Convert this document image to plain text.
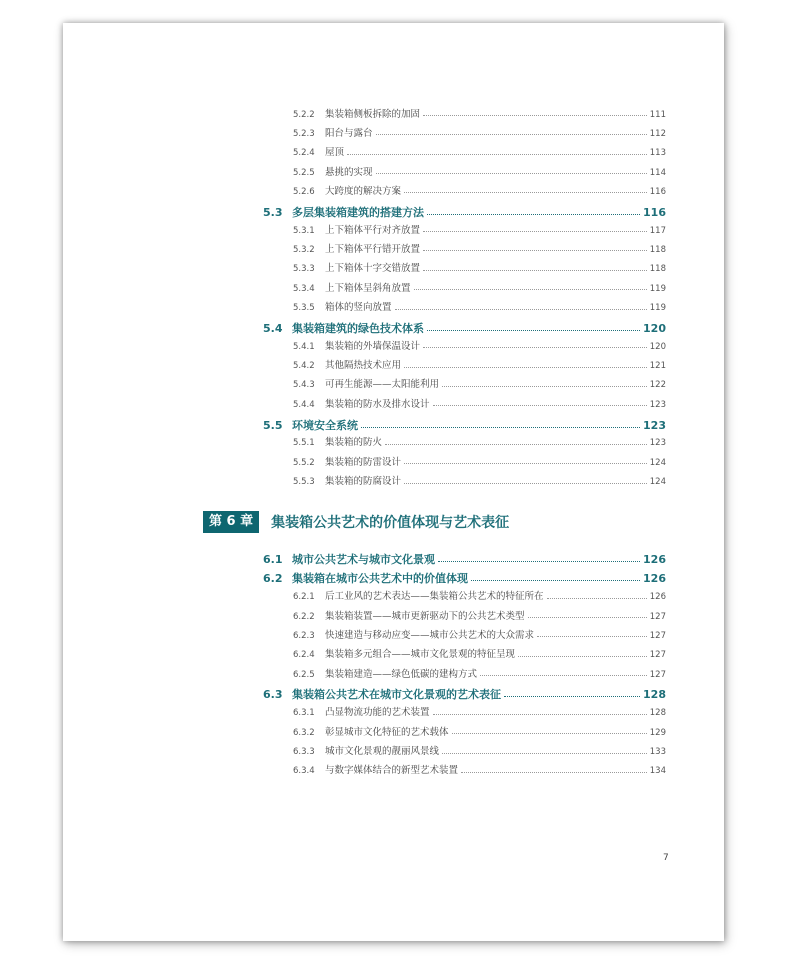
5.2.2	集装箱侧板拆除的加固	111
5.2.3	阳台与露台	112
5.2.4	屋顶	113
5.2.5	悬挑的实现	114
5.2.6	大跨度的解决方案	116
5.3 多层集装箱建筑的搭建方法	116
5.3.1	上下箱体平行对齐放置	117
5.3.2	上下箱体平行错开放置	118
5.3.3	上下箱体十字交错放置	118
5.3.4	上下箱体呈斜角放置	119
5.3.5	箱体的竖向放置	119
5.4 集装箱建筑的绿色技术体系	120
5.4.1	集装箱的外墙保温设计	120
5.4.2	其他隔热技术应用	121
5.4.3	可再生能源——太阳能利用	122
5.4.4	集装箱的防水及排水设计	123
5.5 环境安全系统	123
5.5.1	集装箱的防火	123
5.5.2	集装箱的防雷设计	124
5.5.3	集装箱的防腐设计	124
6.1 城市公共艺术与城市文化景观	126
6.2 集装箱在城市公共艺术中的价值体现	126
6.2.1	后工业风的艺术表达——集装箱公共艺术的特征所在	126
6.2.2	集装箱装置——城市更新驱动下的公共艺术类型	127
6.2.3	快速建造与移动应变——城市公共艺术的大众需求	127
6.2.4	集装箱多元组合——城市文化景观的特征呈现	127
6.2.5	集装箱建造——绿色低碳的建构方式	127
6.3 集装箱公共艺术在城市文化景观的艺术表征	128
6.3.1	凸显物流功能的艺术装置	128
6.3.2	彰显城市文化特征的艺术载体	129
6.3.3	城市文化景观的靓丽风景线	133
6.3.4	与数字媒体结合的新型艺术装置	134
第 6 章	集装箱公共艺术的价值体现与艺术表征
7
